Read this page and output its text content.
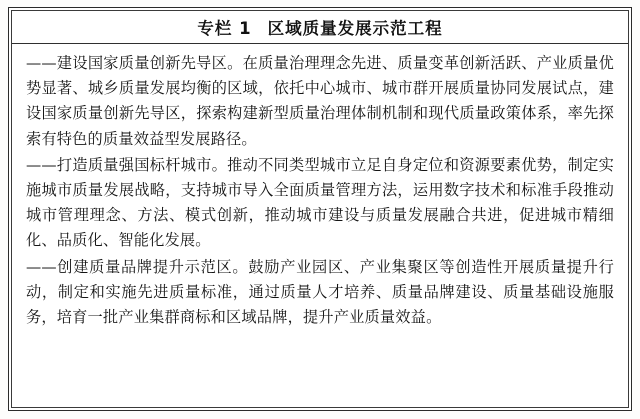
专栏 1 区域质量发展示范工程

——建设国家质量创新先导区。在质量治理理念先进、质量变革创新活跃、产业质量优势显著、城乡质量发展均衡的区域，依托中心城市、城市群开展质量协同发展试点，建设国家质量创新先导区，探索构建新型质量治理体制机制和现代质量政策体系，率先探索有特色的质量效益型发展路径。

——打造质量强国标杆城市。推动不同类型城市立足自身定位和资源要素优势，制定实施城市质量发展战略，支持城市导入全面质量管理方法，运用数字技术和标准手段推动城市管理理念、方法、模式创新，推动城市建设与质量发展融合共进，促进城市精细化、品质化、智能化发展。

——创建质量品牌提升示范区。鼓励产业园区、产业集聚区等创造性开展质量提升行动，制定和实施先进质量标准，通过质量人才培养、质量品牌建设、质量基础设施服务，培育一批产业集群商标和区域品牌，提升产业质量效益。
